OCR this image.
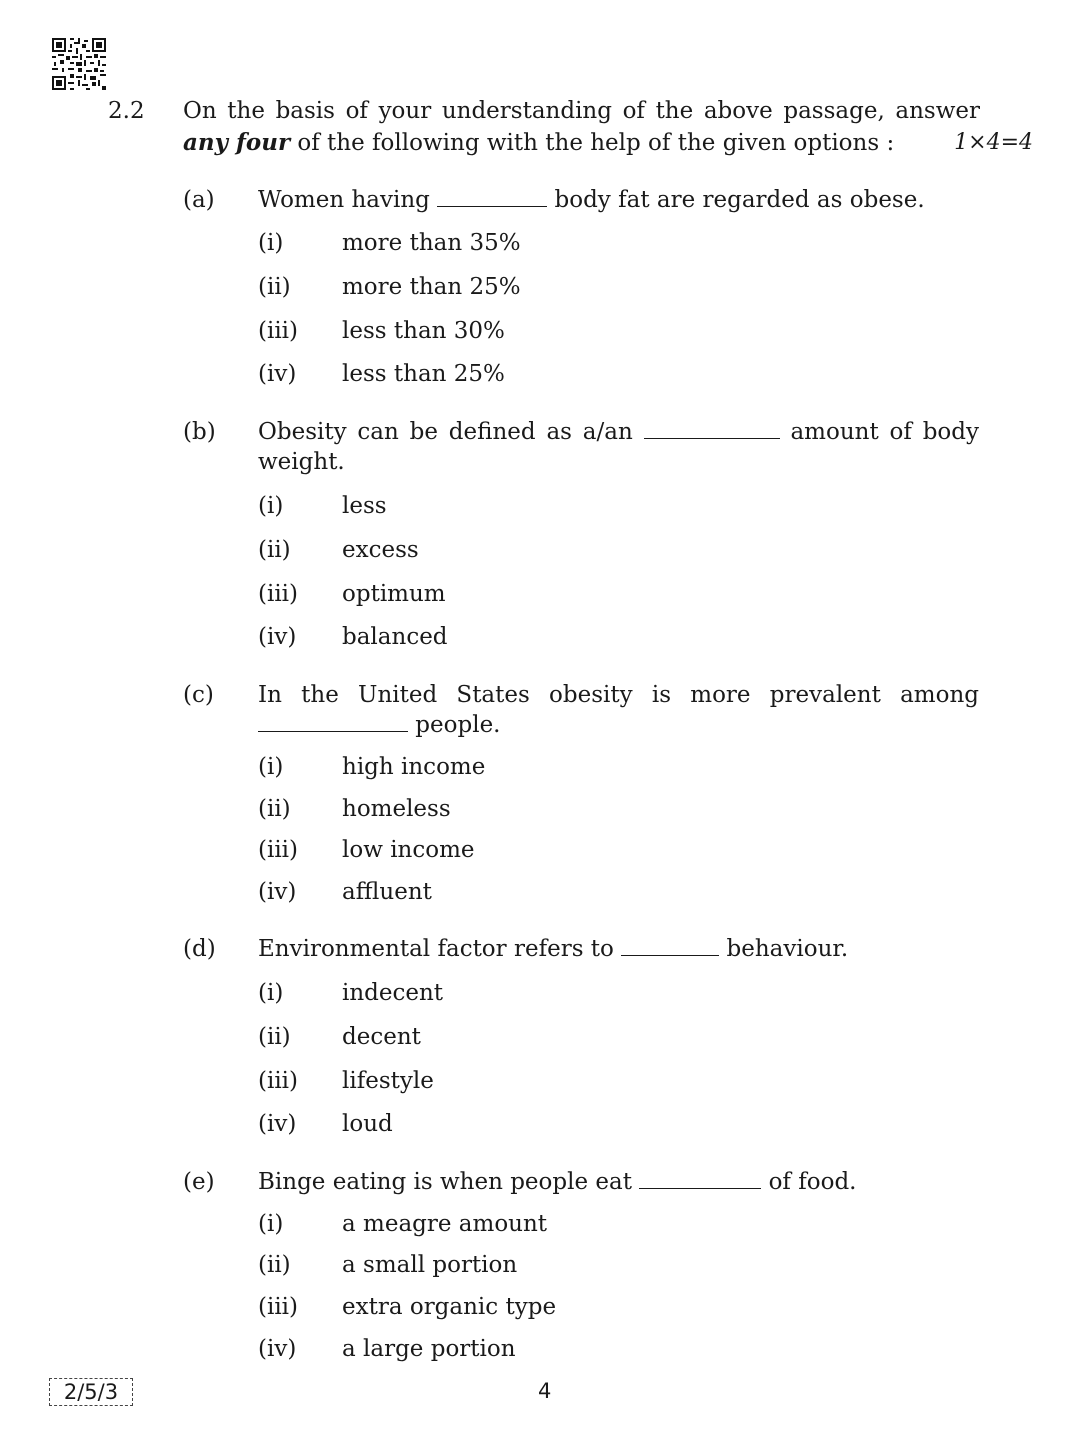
2.2 On the basis of your understanding of the above passage, answer
any four of the following with the help of the given options :	1×4=4
(a) Women having	body fat are regarded as obese.
(i)	more than 35%
(ii) more than 25%
(iii) less than 30%
(iv) less than 25%
(b) Obesity can be defined as a/an	amount of body
weight.
(i)	less
(ii) excess
(iii) optimum
(iv) balanced
(c) In the United States obesity is more prevalent among
people.
(i)	high income
(ii) homeless
(iii) low income
(iv) affluent
(d) Environmental factor refers to	behaviour.
(i)	indecent
(ii) decent
(iii) lifestyle
(iv) loud
(e) Binge eating is when people eat	of food.
(i)	a meagre amount
(ii) a small portion
(iii) extra organic type
(iv) a large portion
2/5/3	4
